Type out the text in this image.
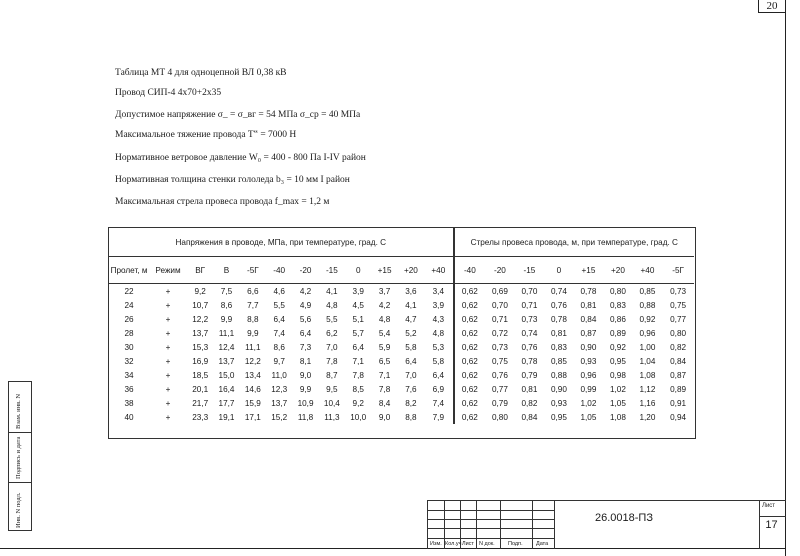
20
Таблица МТ 4 для одноцепной ВЛ 0,38 кВ
Провод СИП-4 4х70+2х35
Допустимое напряжение σ_ = σ_вг = 54 МПа σ_ср = 40 МПа
Максимальное тяжение провода T‟ = 7000 Н
Нормативное ветровое давление W₀ = 400 - 800 Па I-IV район
Нормативная толщина стенки гололеда b₃ = 10 мм I район
Максимальная стрела провеса провода f_max = 1,2 м
Напряжения в проводе, МПа, при температуре, град. С												Стрелы провеса провода, м, при температуре, град. С							
Пролет, м	Режим	ВГ	В	-5Г	-40	-20	-15	0	+15	+20	+40	-40	-20	-15	0	+15	+20	+40	-5Г
22	+	9,2	7,5	6,6	4,6	4,2	4,1	3,9	3,7	3,6	3,4	0,62	0,69	0,70	0,74	0,78	0,80	0,85	0,73
24	+	10,7	8,6	7,7	5,5	4,9	4,8	4,5	4,2	4,1	3,9	0,62	0,70	0,71	0,76	0,81	0,83	0,88	0,75
26	+	12,2	9,9	8,8	6,4	5,6	5,5	5,1	4,8	4,7	4,3	0,62	0,71	0,73	0,78	0,84	0,86	0,92	0,77
28	+	13,7	11,1	9,9	7,4	6,4	6,2	5,7	5,4	5,2	4,8	0,62	0,72	0,74	0,81	0,87	0,89	0,96	0,80
30	+	15,3	12,4	11,1	8,6	7,3	7,0	6,4	5,9	5,8	5,3	0,62	0,73	0,76	0,83	0,90	0,92	1,00	0,82
32	+	16,9	13,7	12,2	9,7	8,1	7,8	7,1	6,5	6,4	5,8	0,62	0,75	0,78	0,85	0,93	0,95	1,04	0,84
34	+	18,5	15,0	13,4	11,0	9,0	8,7	7,8	7,1	7,0	6,4	0,62	0,76	0,79	0,88	0,96	0,98	1,08	0,87
36	+	20,1	16,4	14,6	12,3	9,9	9,5	8,5	7,8	7,6	6,9	0,62	0,77	0,81	0,90	0,99	1,02	1,12	0,89
38	+	21,7	17,7	15,9	13,7	10,9	10,4	9,2	8,4	8,2	7,4	0,62	0,79	0,82	0,93	1,02	1,05	1,16	0,91
40	+	23,3	19,1	17,1	15,2	11,8	11,3	10,0	9,0	8,8	7,9	0,62	0,80	0,84	0,95	1,05	1,08	1,20	0,94
Инв. N подл.
Подпись и дата
Взам. инв. N
Изм. Кол.уч Лист N док. Подп. Дата
26.0018-ПЗ
Лист
17
